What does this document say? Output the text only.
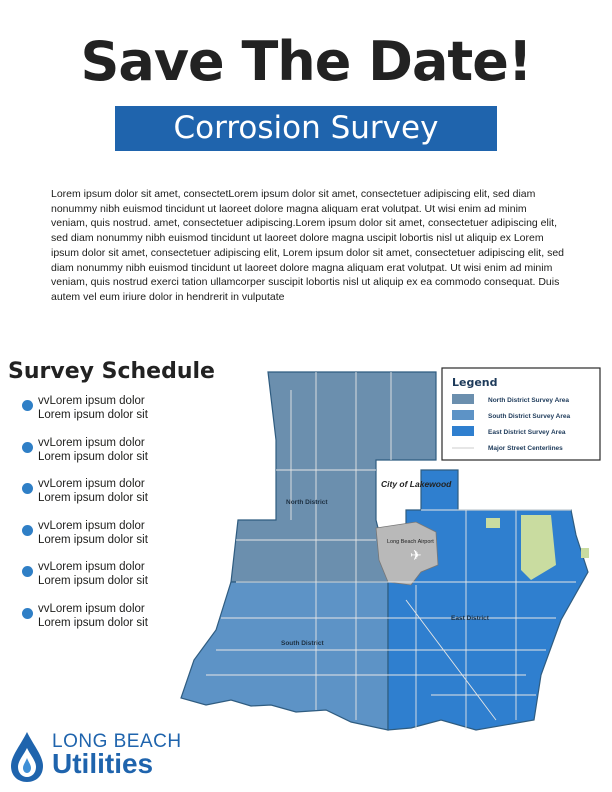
Save The Date!
Corrosion Survey

Lorem ipsum dolor sit amet, consectetLorem ipsum dolor sit amet, consectetuer adipiscing elit, sed diam nonummy nibh euismod tincidunt ut laoreet dolore magna aliquam erat volutpat. Ut wisi enim ad minim veniam, quis nostrud. amet, consectetuer adipiscing.Lorem ipsum dolor sit amet, consectetuer adipiscing elit, sed diam nonummy nibh euismod tincidunt ut laoreet dolore magna uscipit lobortis nisl ut aliquip ex Lorem ipsum dolor sit amet, consectetuer adipiscing elit, Lorem ipsum dolor sit amet, consectetuer adipiscing elit, sed diam nonummy nibh euismod tincidunt ut laoreet dolore magna aliquam erat volutpat. Ut wisi enim ad minim veniam, quis nostrud exerci tation ullamcorper suscipit lobortis nisl ut aliquip ex ea commodo consequat. Duis autem vel eum iriure dolor in hendrerit in vulputate

Survey Schedule
vvLorem ipsum dolor
Lorem ipsum dolor sit
vvLorem ipsum dolor
Lorem ipsum dolor sit
vvLorem ipsum dolor
Lorem ipsum dolor sit
vvLorem ipsum dolor
Lorem ipsum dolor sit
vvLorem ipsum dolor
Lorem ipsum dolor sit
vvLorem ipsum dolor
Lorem ipsum dolor sit
Long Beach Airport
✈
City of Lakewood
North District
South District
East District
Legend
North District Survey Area
South District Survey Area
East District Survey Area
Major Street Centerlines
LONG BEACH
Utilities
